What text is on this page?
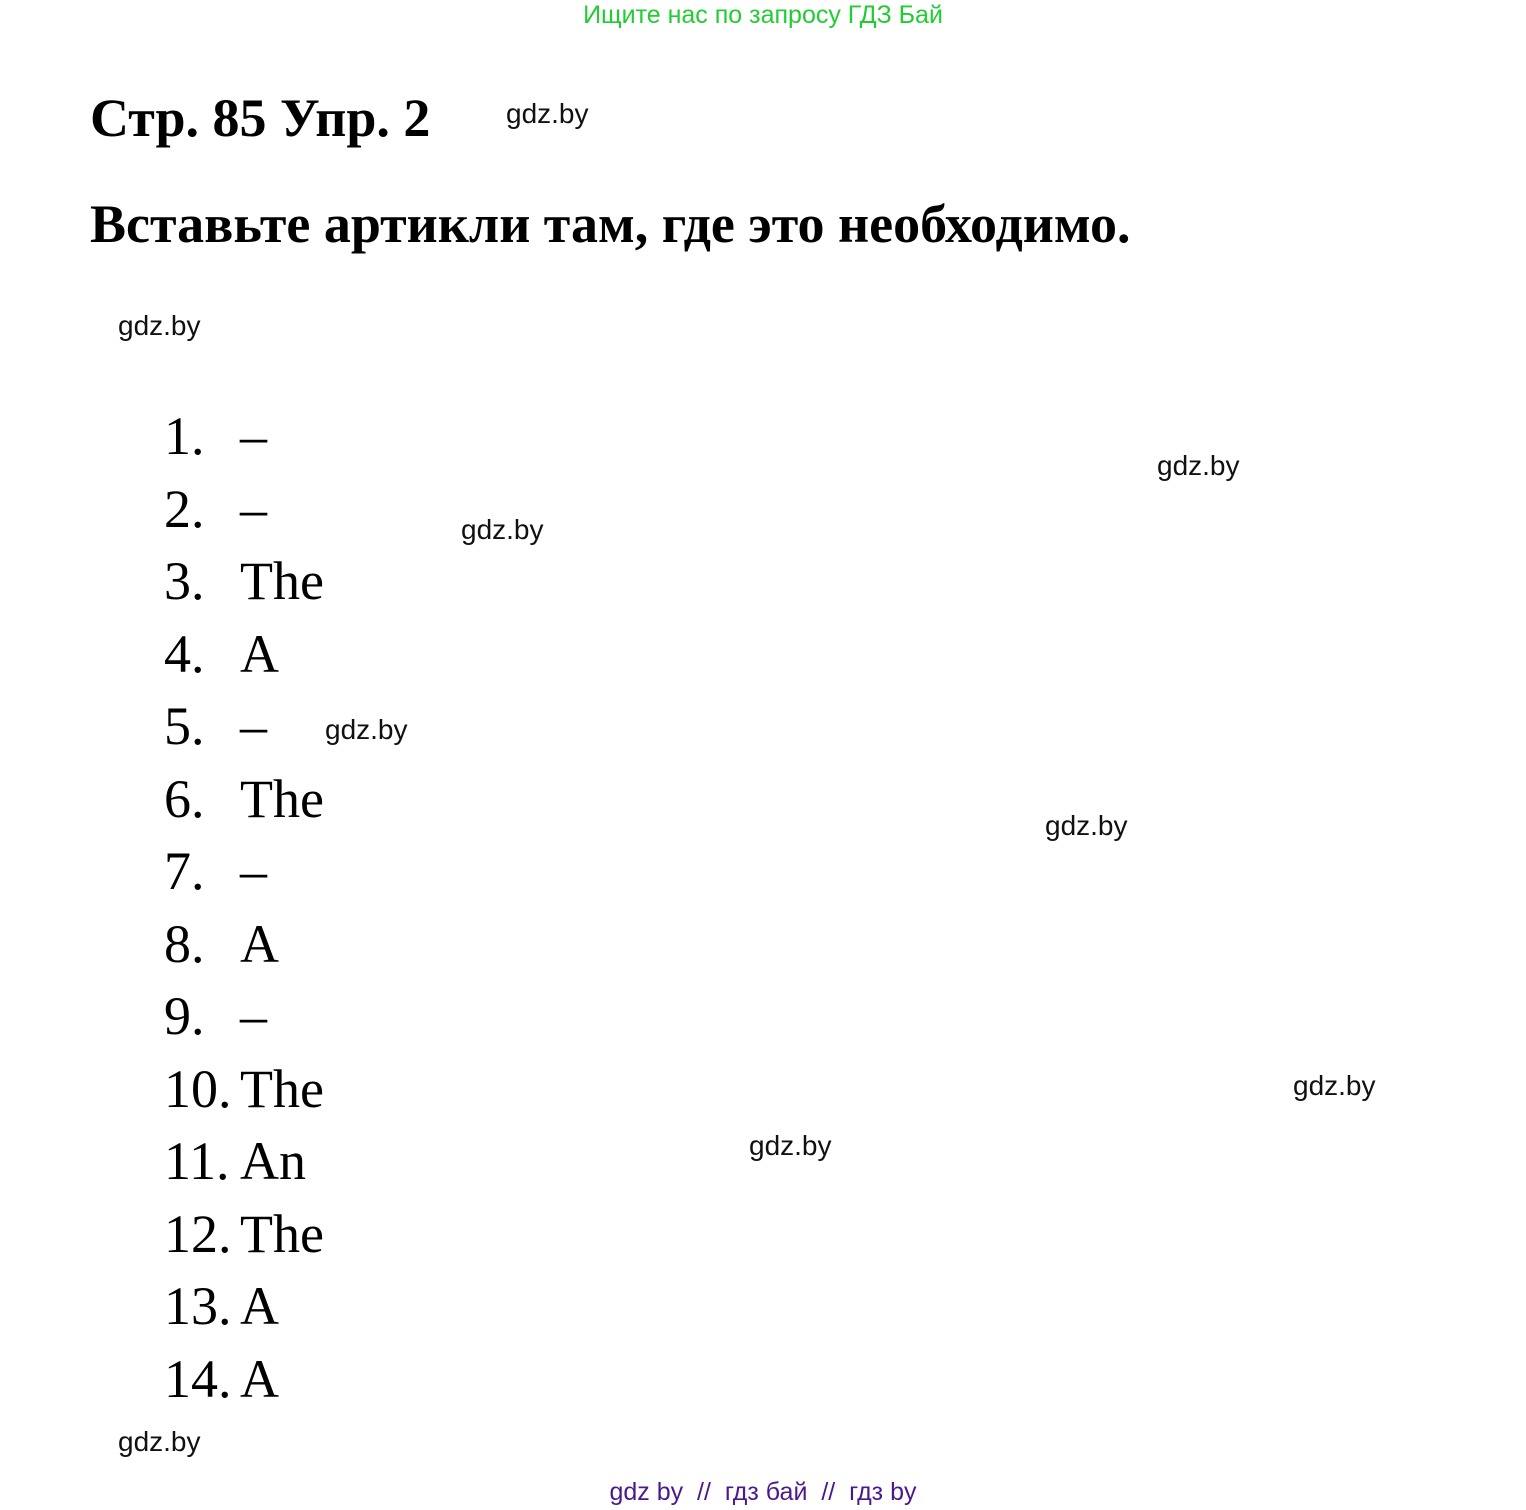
Ищите нас по запросу ГДЗ Бай
Стр. 85 Упр. 2	gdz.by
Вставьте артикли там, где это необходимо.
gdz.by
gdz.by
gdz.by
gdz.by
gdz.by
gdz.by
gdz.by
gdz.by
1. –
2. –
3. The
4. A
5. –
6. The
7. –
8. A
9. –
10. The
11. An
12. The
13. A
14. A
gdz by  //  гдз бай  //  гдз by
